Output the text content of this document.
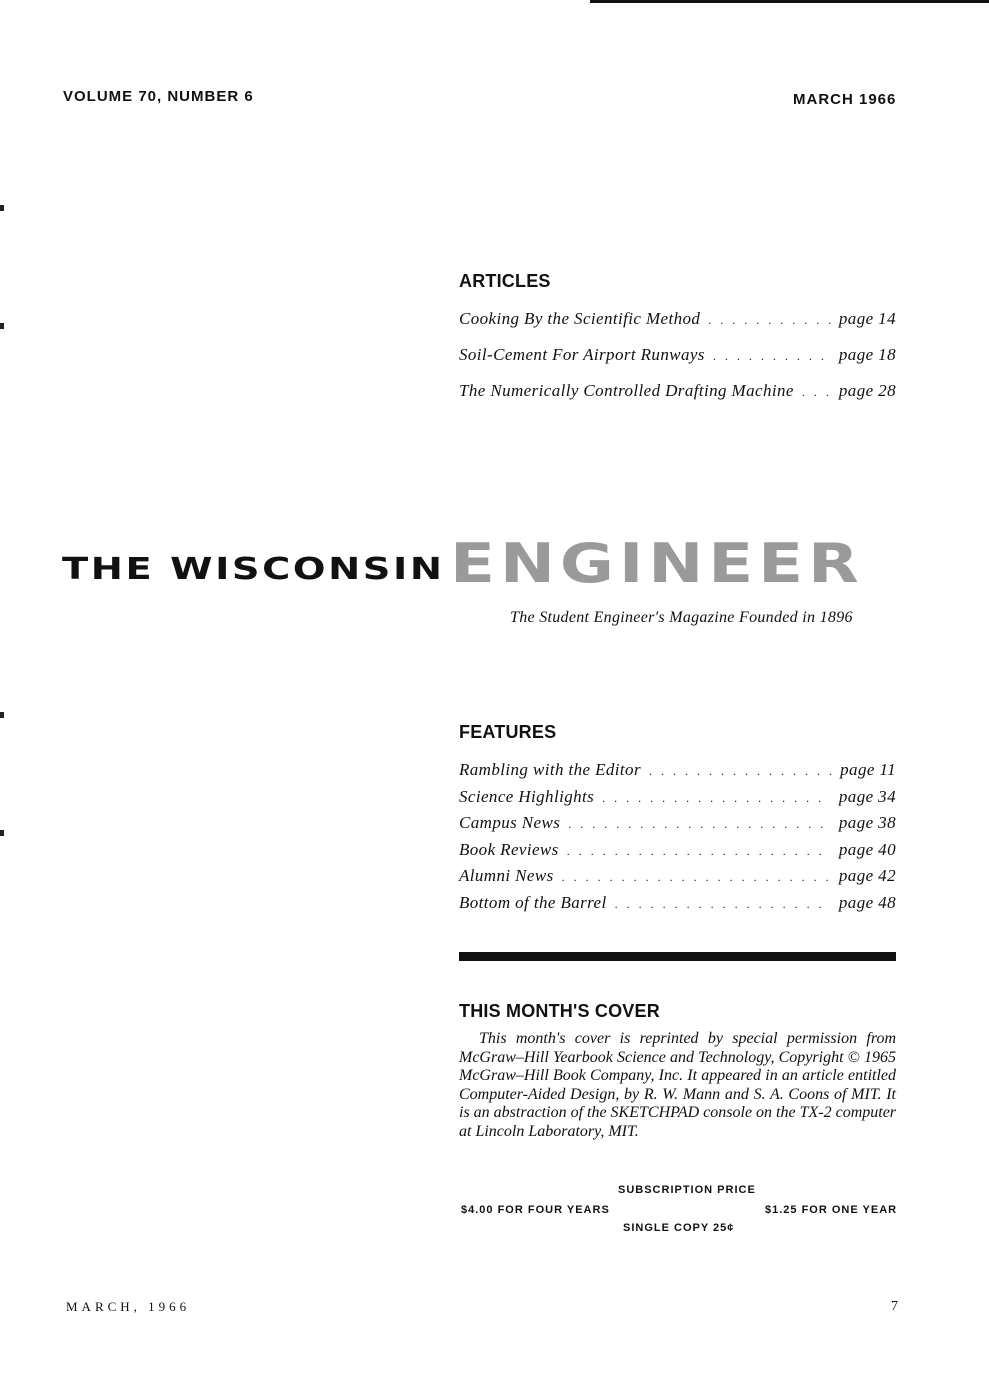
VOLUME 70, NUMBER 6	MARCH 1966
ARTICLES
Cooking By the Scientific Method . . .	page 14
Soil-Cement For Airport Runways . . .	page 18
The Numerically Controlled Drafting Machine . . .	page 28
THE WISCONSIN ENGINEER
The Student Engineer's Magazine Founded in 1896
FEATURES
Rambling with the Editor . . .	page 11
Science Highlights . . .	page 34
Campus News . . .	page 38
Book Reviews . . .	page 40
Alumni News . . .	page 42
Bottom of the Barrel . . .	page 48
THIS MONTH'S COVER
This month's cover is reprinted by special permission from McGraw–Hill Yearbook Science and Technology, Copyright © 1965 McGraw–Hill Book Company, Inc. It appeared in an article entitled Computer-Aided Design, by R. W. Mann and S. A. Coons of MIT. It is an abstraction of the SKETCHPAD console on the TX-2 computer at Lincoln Laboratory, MIT.
SUBSCRIPTION PRICE
$4.00 FOR FOUR YEARS	$1.25 FOR ONE YEAR
SINGLE COPY 25¢
MARCH, 1966	7
